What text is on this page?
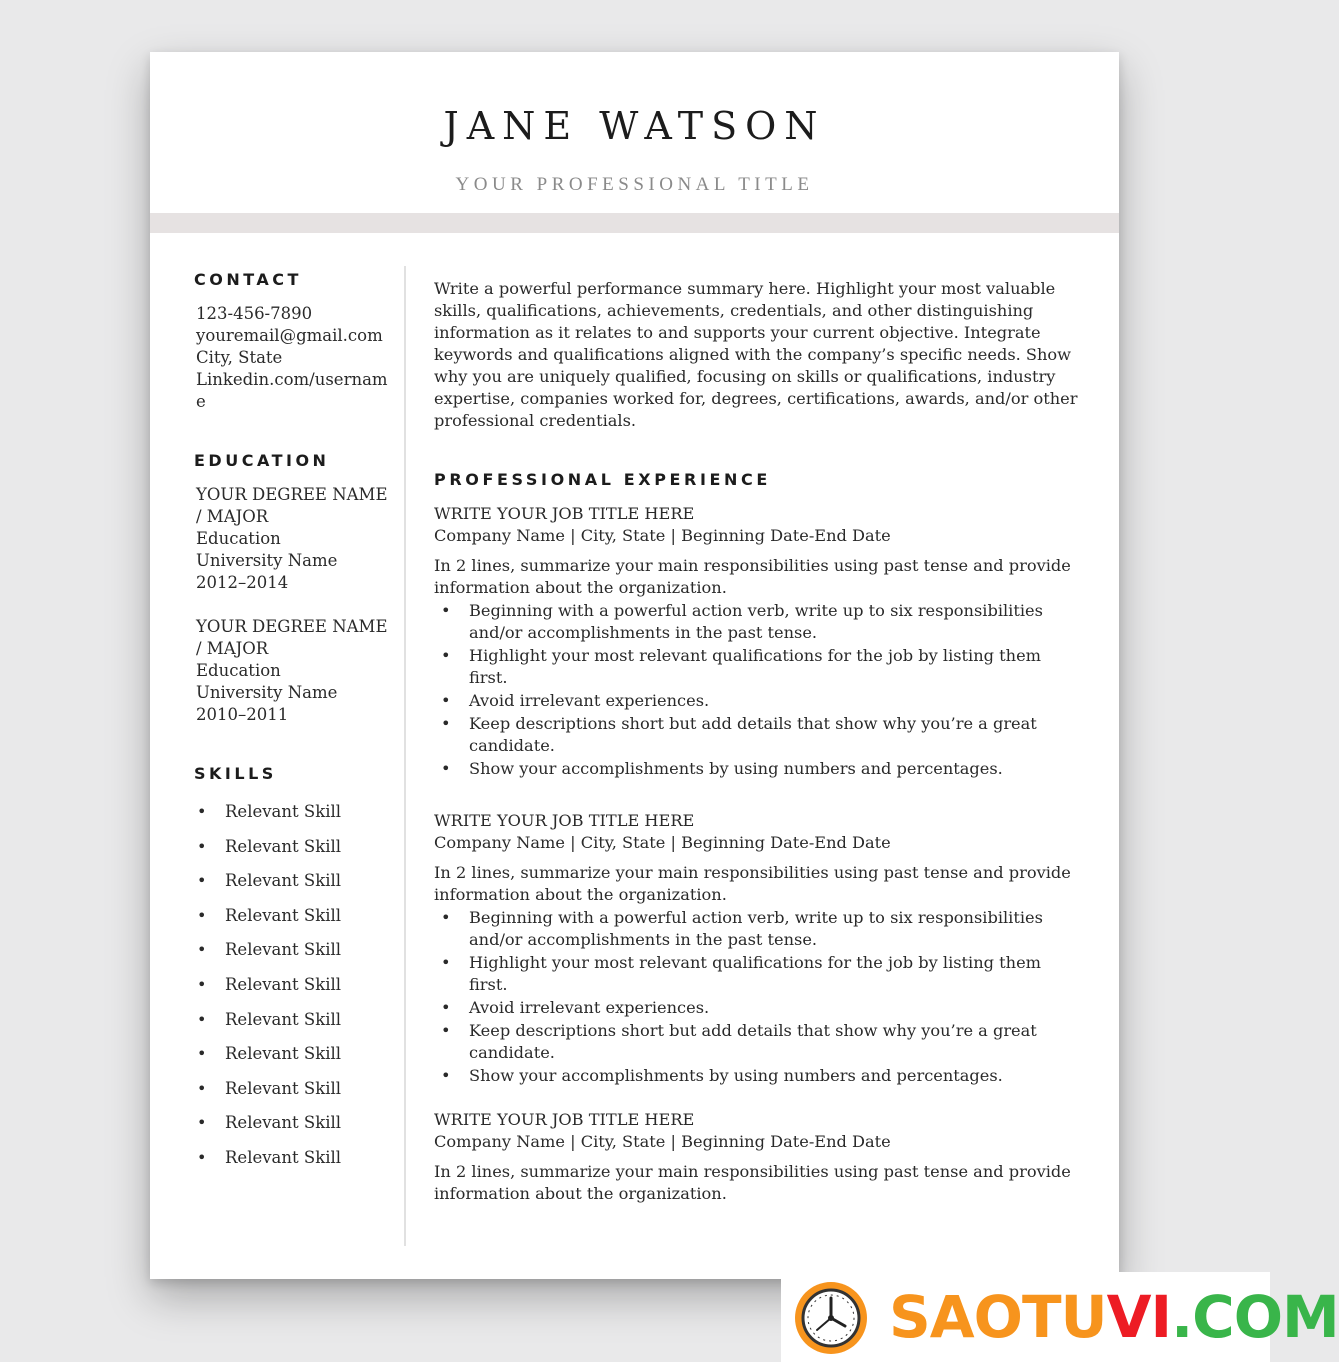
JANE WATSON
YOUR PROFESSIONAL TITLE
CONTACT
123-456-7890
youremail@gmail.com
City, State
Linkedin.com/username
EDUCATION
YOUR DEGREE NAME / MAJOR
Education
University Name
2012–2014
YOUR DEGREE NAME / MAJOR
Education
University Name
2010–2011
SKILLS
• Relevant Skill
• Relevant Skill
• Relevant Skill
• Relevant Skill
• Relevant Skill
• Relevant Skill
• Relevant Skill
• Relevant Skill
• Relevant Skill
• Relevant Skill
• Relevant Skill

Write a powerful performance summary here. Highlight your most valuable skills, qualifications, achievements, credentials, and other distinguishing information as it relates to and supports your current objective. Integrate keywords and qualifications aligned with the company’s specific needs. Show why you are uniquely qualified, focusing on skills or qualifications, industry expertise, companies worked for, degrees, certifications, awards, and/or other professional credentials.

PROFESSIONAL EXPERIENCE
WRITE YOUR JOB TITLE HERE
Company Name | City, State | Beginning Date-End Date
In 2 lines, summarize your main responsibilities using past tense and provide information about the organization.
• Beginning with a powerful action verb, write up to six responsibilities and/or accomplishments in the past tense.
• Highlight your most relevant qualifications for the job by listing them first.
• Avoid irrelevant experiences.
• Keep descriptions short but add details that show why you’re a great candidate.
• Show your accomplishments by using numbers and percentages.
WRITE YOUR JOB TITLE HERE
Company Name | City, State | Beginning Date-End Date
In 2 lines, summarize your main responsibilities using past tense and provide information about the organization.
• Beginning with a powerful action verb, write up to six responsibilities and/or accomplishments in the past tense.
• Highlight your most relevant qualifications for the job by listing them first.
• Avoid irrelevant experiences.
• Keep descriptions short but add details that show why you’re a great candidate.
• Show your accomplishments by using numbers and percentages.
WRITE YOUR JOB TITLE HERE
Company Name | City, State | Beginning Date-End Date
In 2 lines, summarize your main responsibilities using past tense and provide information about the organization.
SAOTUVI.COM
